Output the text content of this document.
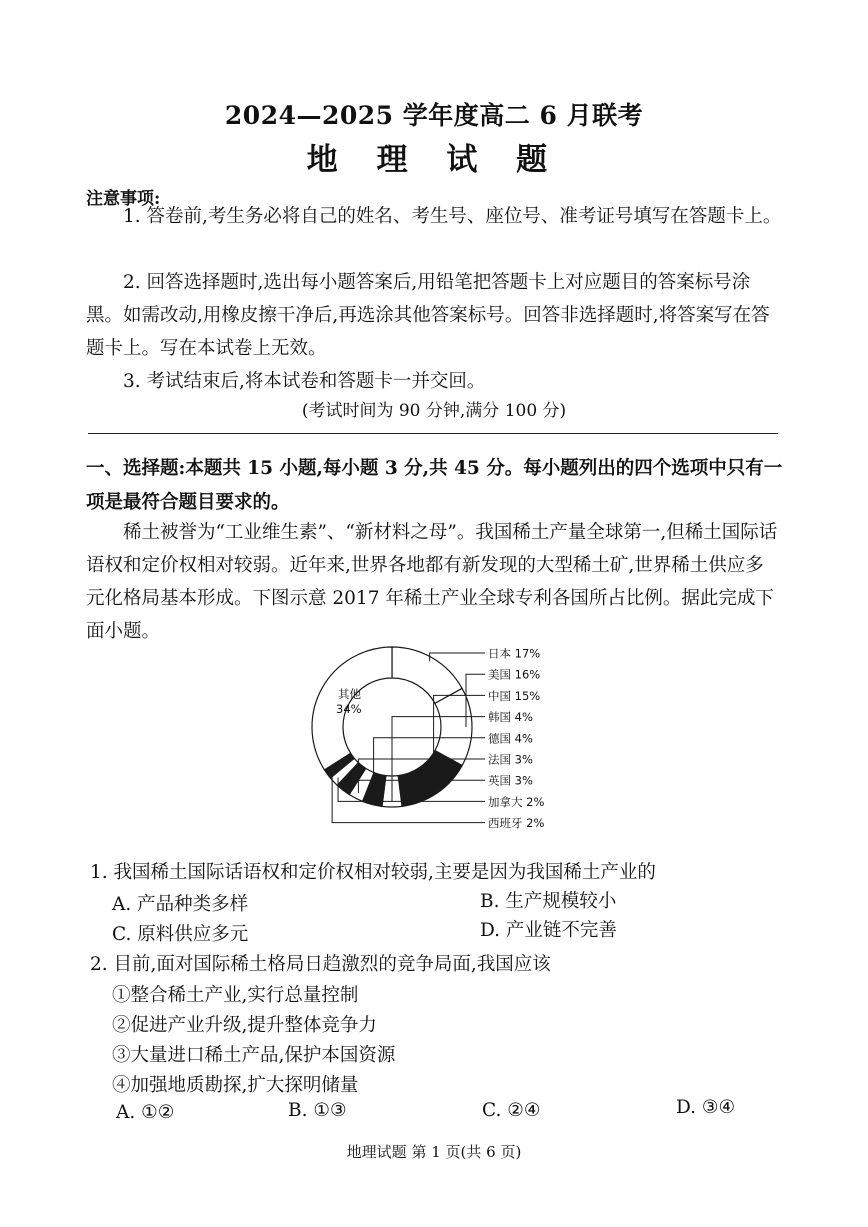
2024—2025 学年度高二 6 月联考
地 理 试 题
注意事项:

1. 答卷前,考生务必将自己的姓名、考生号、座位号、准考证号填写在答题卡上。

2. 回答选择题时,选出每小题答案后,用铅笔把答题卡上对应题目的答案标号涂黑。如需改动,用橡皮擦干净后,再选涂其他答案标号。回答非选择题时,将答案写在答题卡上。写在本试卷上无效。

3. 考试结束后,将本试卷和答题卡一并交回。

(考试时间为 90 分钟,满分 100 分)

一、选择题:本题共 15 小题,每小题 3 分,共 45 分。每小题列出的四个选项中只有一项是最符合题目要求的。

稀土被誉为“工业维生素”、“新材料之母”。我国稀土产量全球第一,但稀土国际话语权和定价权相对较弱。近年来,世界各地都有新发现的大型稀土矿,世界稀土供应多元化格局基本形成。下图示意 2017 年稀土产业全球专利各国所占比例。据此完成下面小题。

日本 17%
美国 16%
中国 15%
韩国 4%
德国 4%
法国 3%
英国 3%
加拿大 2%
西班牙 2%
其他
34%
1. 我国稀土国际话语权和定价权相对较弱,主要是因为我国稀土产业的
A. 产品种类多样	B. 生产规模较小
C. 原料供应多元	D. 产业链不完善
2. 目前,面对国际稀土格局日趋激烈的竞争局面,我国应该
①整合稀土产业,实行总量控制
②促进产业升级,提升整体竞争力
③大量进口稀土产品,保护本国资源
④加强地质勘探,扩大探明储量
A. ①②	B. ①③	C. ②④	D. ③④
地理试题 第 1 页(共 6 页)
